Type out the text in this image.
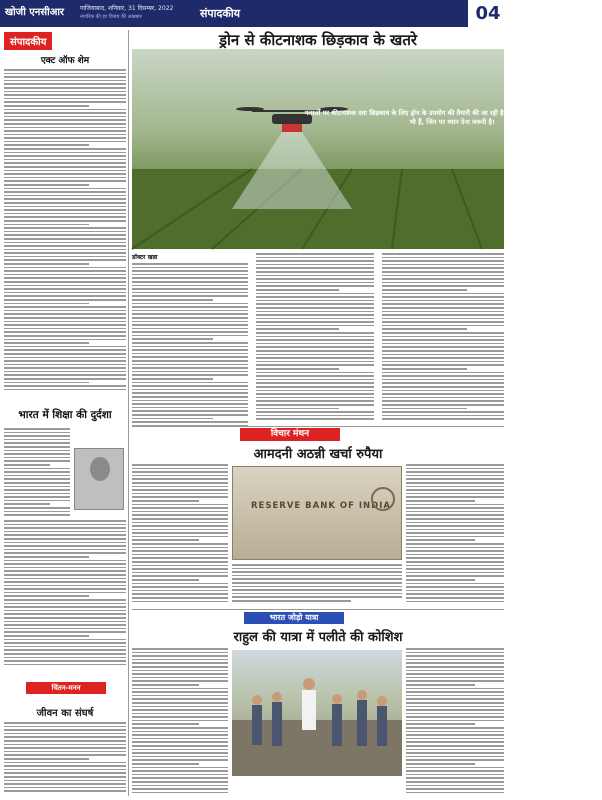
खोजी एनसीआर	गाजियाबाद, शनिवार, 31 दिसम्बर, 2022
नागरिक की हर विजय की अखबार	संपादकीय	04
संपादकीय
एक्ट ऑफ शेम
भारत में शिक्षा की दुर्दशा
चिंतन-मनन
जीवन का संघर्ष
ड्रोन से कीटनाशक छिड़काव के खतरे
फसलों पर कीटनाशक दवा छिड़काव के लिए ड्रोन के उपयोग की तैयारी की जा रही है। इसके फायदे भी हैं पर इसके कई खतरे भी हैं, जिन पर ध्यान देना जरूरी है।
डॉक्टर खन्ना
विचार मंथन
आमदनी अठन्नी खर्चा रुपैया
RESERVE BANK OF INDIA
भारत जोड़ो यात्रा
राहुल की यात्रा में पलीते की कोशिश
